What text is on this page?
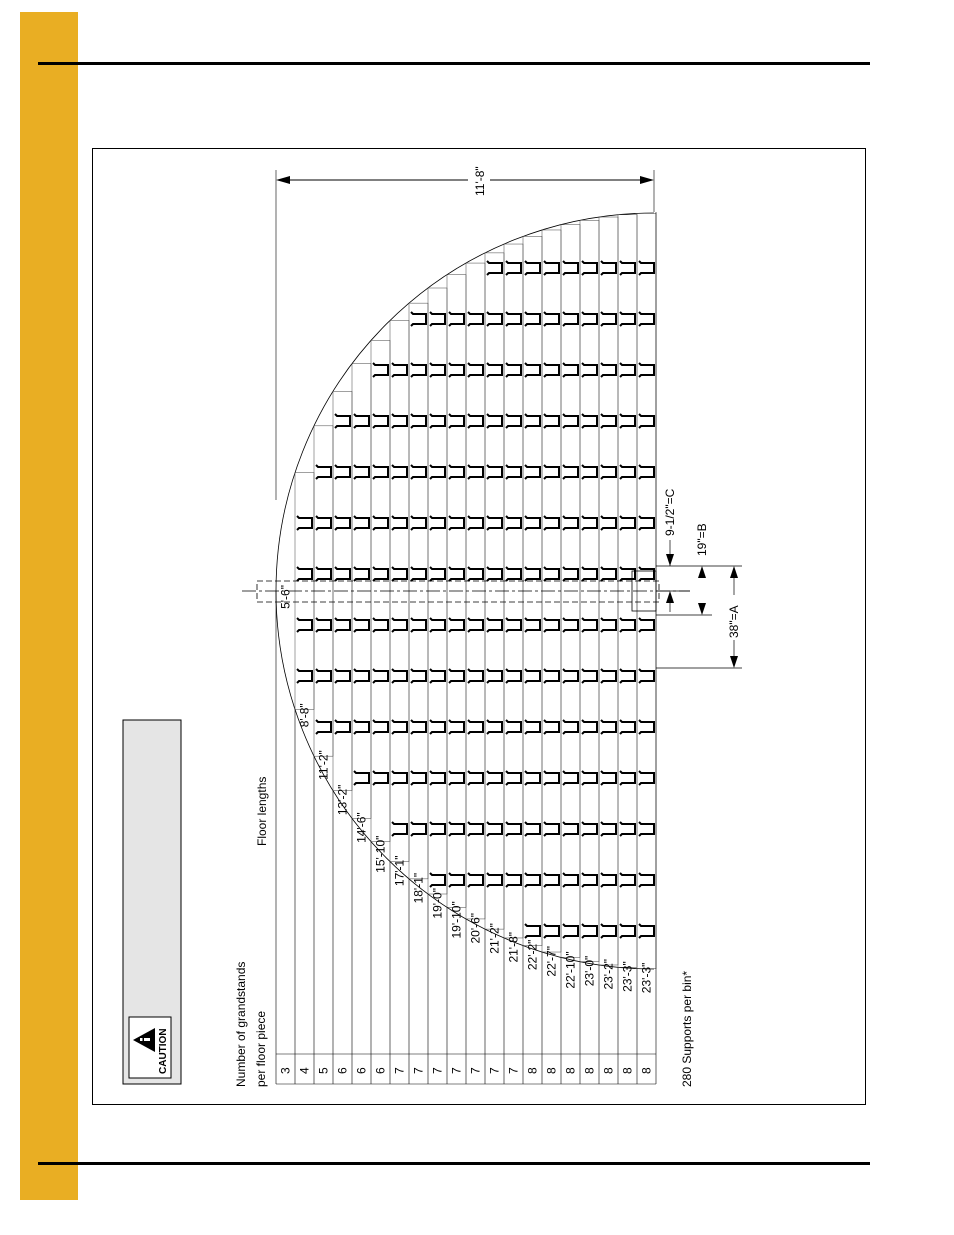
CAUTION	Number of grandstands per floor piece
Floor lengths
280 Supports per bin*
3
5'-6"
4
8'-8"
5
11'-2"
6
13'-2"
6
14'-6"
6
15'-10"
7
17'-1"
7
18'-1"
7
19'-0"
7
19'-10"
7
20'-6"
7
21'-2"
7
21'-8"
8
22'-2"
8
22'-7"
8
22'-10"
8
23'-0"
8
23'-2"
8
23'-3"
8
23'-3"
11'-8"
38"=A
19"=B
9-1/2"=C
